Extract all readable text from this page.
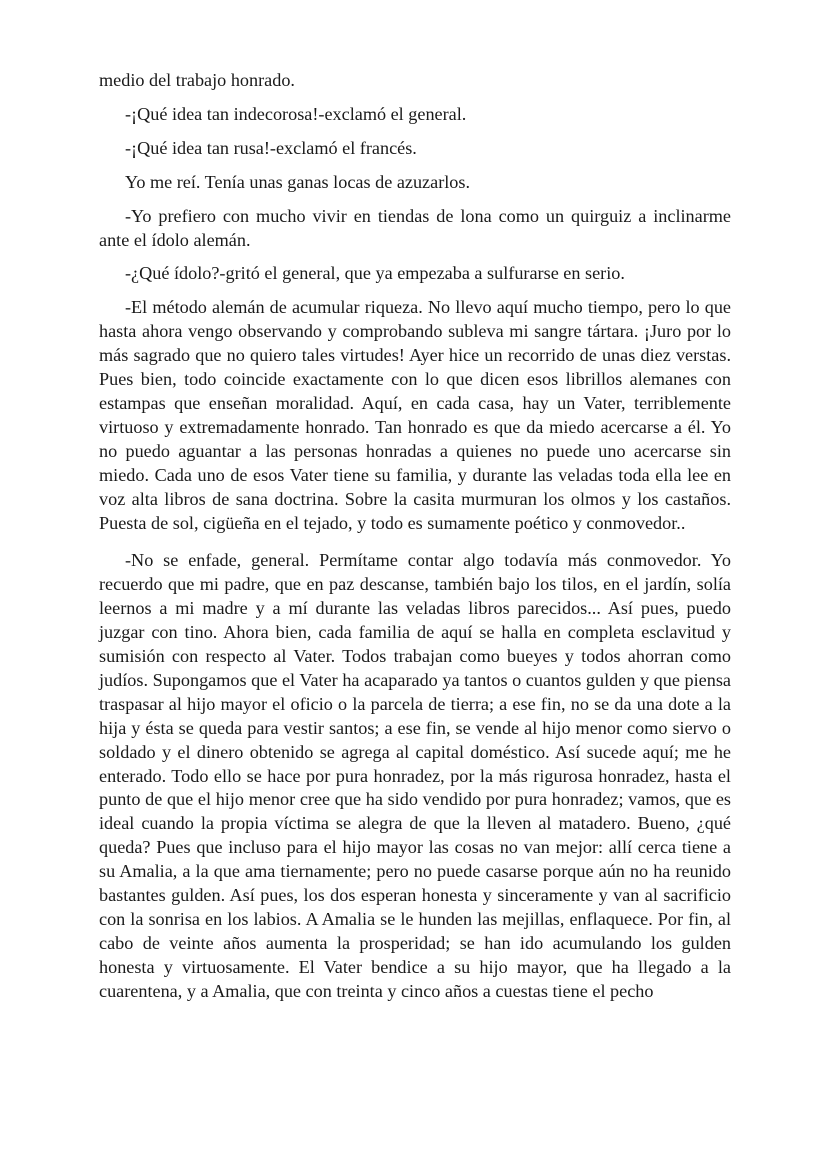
medio del trabajo honrado.

-¡Qué idea tan indecorosa!-exclamó el general.

-¡Qué idea tan rusa!-exclamó el francés.

Yo me reí. Tenía unas ganas locas de azuzarlos.

-Yo prefiero con mucho vivir en tiendas de lona como un quirguiz a inclinarme ante el ídolo alemán.

-¿Qué ídolo?-gritó el general, que ya empezaba a sulfurarse en serio.

-El método alemán de acumular riqueza. No llevo aquí mucho tiempo, pero lo que hasta ahora vengo observando y comprobando subleva mi sangre tártara. ¡Juro por lo más sagrado que no quiero tales virtudes! Ayer hice un recorrido de unas diez verstas. Pues bien, todo coincide exactamente con lo que dicen esos librillos alemanes con estampas que enseñan moralidad. Aquí, en cada casa, hay un Vater, terriblemente virtuoso y extremadamente honrado. Tan honrado es que da miedo acercarse a él. Yo no puedo aguantar a las personas honradas a quienes no puede uno acercarse sin miedo. Cada uno de esos Vater tiene su familia, y durante las veladas toda ella lee en voz alta libros de sana doctrina. Sobre la casita murmuran los olmos y los castaños. Puesta de sol, cigüeña en el tejado, y todo es sumamente poético y conmovedor..

-No se enfade, general. Permítame contar algo todavía más conmovedor. Yo recuerdo que mi padre, que en paz descanse, también bajo los tilos, en el jardín, solía leernos a mi madre y a mí durante las veladas libros parecidos... Así pues, puedo juzgar con tino. Ahora bien, cada familia de aquí se halla en completa esclavitud y sumisión con respecto al Vater. Todos trabajan como bueyes y todos ahorran como judíos. Supongamos que el Vater ha acaparado ya tantos o cuantos gulden y que piensa traspasar al hijo mayor el oficio o la parcela de tierra; a ese fin, no se da una dote a la hija y ésta se queda para vestir santos; a ese fin, se vende al hijo menor como siervo o soldado y el dinero obtenido se agrega al capital doméstico. Así sucede aquí; me he enterado. Todo ello se hace por pura honradez, por la más rigurosa honradez, hasta el punto de que el hijo menor cree que ha sido vendido por pura honradez; vamos, que es ideal cuando la propia víctima se alegra de que la lleven al matadero. Bueno, ¿qué queda? Pues que incluso para el hijo mayor las cosas no van mejor: allí cerca tiene a su Amalia, a la que ama tiernamente; pero no puede casarse porque aún no ha reunido bastantes gulden. Así pues, los dos esperan honesta y sinceramente y van al sacrificio con la sonrisa en los labios. A Amalia se le hunden las mejillas, enflaquece. Por fin, al cabo de veinte años aumenta la prosperidad; se han ido acumulando los gulden honesta y virtuosamente. El Vater bendice a su hijo mayor, que ha llegado a la cuarentena, y a Amalia, que con treinta y cinco años a cuestas tiene el pecho
